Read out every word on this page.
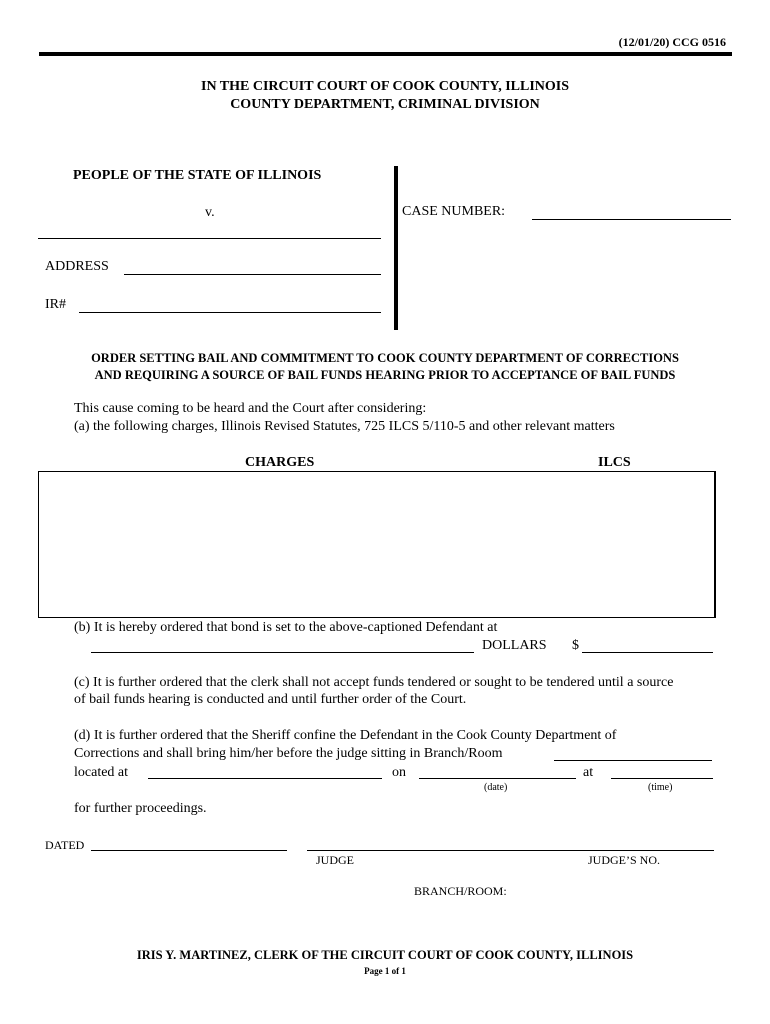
(12/01/20) CCG 0516
IN THE CIRCUIT COURT OF COOK COUNTY, ILLINOIS
COUNTY DEPARTMENT, CRIMINAL DIVISION
PEOPLE OF THE STATE OF ILLINOIS
v.
ADDRESS
IR#
CASE NUMBER:
ORDER SETTING BAIL AND COMMITMENT TO COOK COUNTY DEPARTMENT OF CORRECTIONS
AND REQUIRING A SOURCE OF BAIL FUNDS HEARING PRIOR TO ACCEPTANCE OF BAIL FUNDS
This cause coming to be heard and the Court after considering:
(a) the following charges, Illinois Revised Statutes, 725 ILCS 5/110-5 and other relevant matters
CHARGES	ILCS
(b) It is hereby ordered that bond is set to the above-captioned Defendant at
DOLLARS $
(c) It is further ordered that the clerk shall not accept funds tendered or sought to be tendered until a source
of bail funds hearing is conducted and until further order of the Court.
(d) It is further ordered that the Sheriff confine the Defendant in the Cook County Department of
Corrections and shall bring him/her before the judge sitting in Branch/Room
located at	on	at
(date)	(time)
for further proceedings.
DATED
JUDGE	JUDGE’S NO.
BRANCH/ROOM:
IRIS Y. MARTINEZ, CLERK OF THE CIRCUIT COURT OF COOK COUNTY, ILLINOIS
Page 1 of 1
